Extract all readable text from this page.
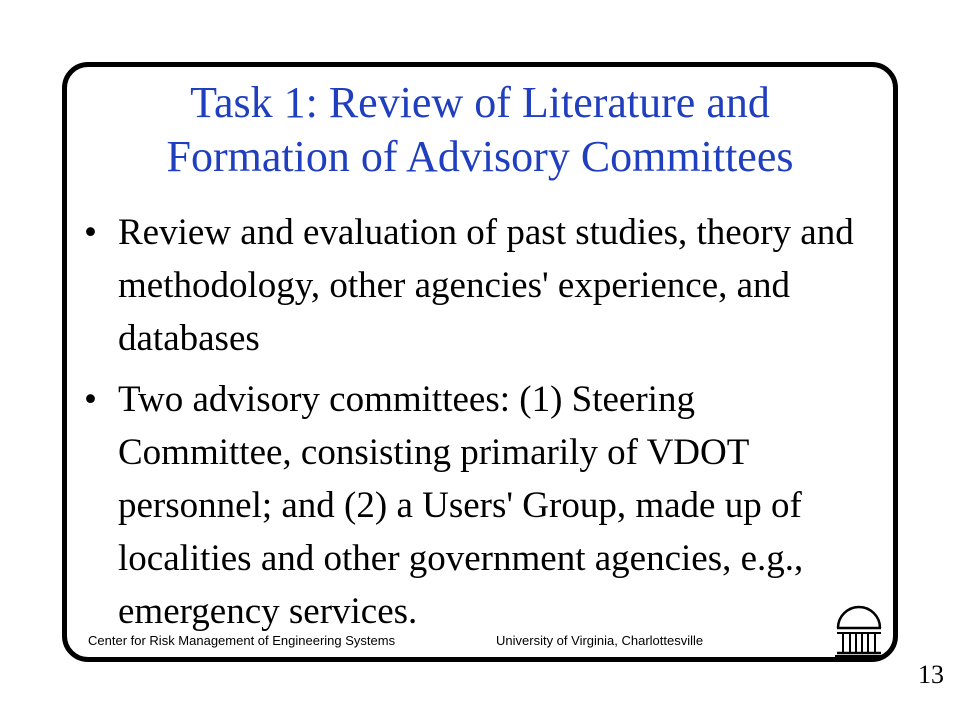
Task 1: Review of Literature and
Formation of Advisory Committees
• Review and evaluation of past studies, theory and methodology, other agencies' experience, and databases
• Two advisory committees: (1) Steering Committee, consisting primarily of VDOT personnel; and (2) a Users' Group, made up of localities and other government agencies, e.g., emergency services.
Center for Risk Management of Engineering Systems	University of Virginia, Charlottesville
13
